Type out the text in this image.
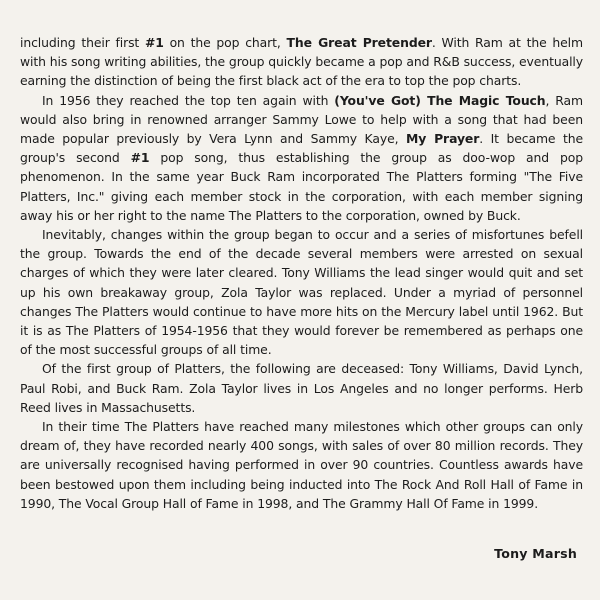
including their first #1 on the pop chart, The Great Pretender. With Ram at the helm with his song writing abilities, the group quickly became a pop and R&B success, eventually earning the distinction of being the first black act of the era to top the pop charts.

In 1956 they reached the top ten again with (You've Got) The Magic Touch, Ram would also bring in renowned arranger Sammy Lowe to help with a song that had been made popular previously by Vera Lynn and Sammy Kaye, My Prayer. It became the group's second #1 pop song, thus establishing the group as doo-wop and pop phenomenon. In the same year Buck Ram incorporated The Platters forming "The Five Platters, Inc." giving each member stock in the corporation, with each member signing away his or her right to the name The Platters to the corporation, owned by Buck.

Inevitably, changes within the group began to occur and a series of misfortunes befell the group. Towards the end of the decade several members were arrested on sexual charges of which they were later cleared. Tony Williams the lead singer would quit and set up his own breakaway group, Zola Taylor was replaced. Under a myriad of personnel changes The Platters would continue to have more hits on the Mercury label until 1962. But it is as The Platters of 1954-1956 that they would forever be remembered as perhaps one of the most successful groups of all time.

Of the first group of Platters, the following are deceased: Tony Williams, David Lynch, Paul Robi, and Buck Ram. Zola Taylor lives in Los Angeles and no longer performs. Herb Reed lives in Massachusetts.

In their time The Platters have reached many milestones which other groups can only dream of, they have recorded nearly 400 songs, with sales of over 80 million records. They are universally recognised having performed in over 90 countries. Countless awards have been bestowed upon them including being inducted into The Rock And Roll Hall of Fame in 1990, The Vocal Group Hall of Fame in 1998, and The Grammy Hall Of Fame in 1999.

Tony Marsh
